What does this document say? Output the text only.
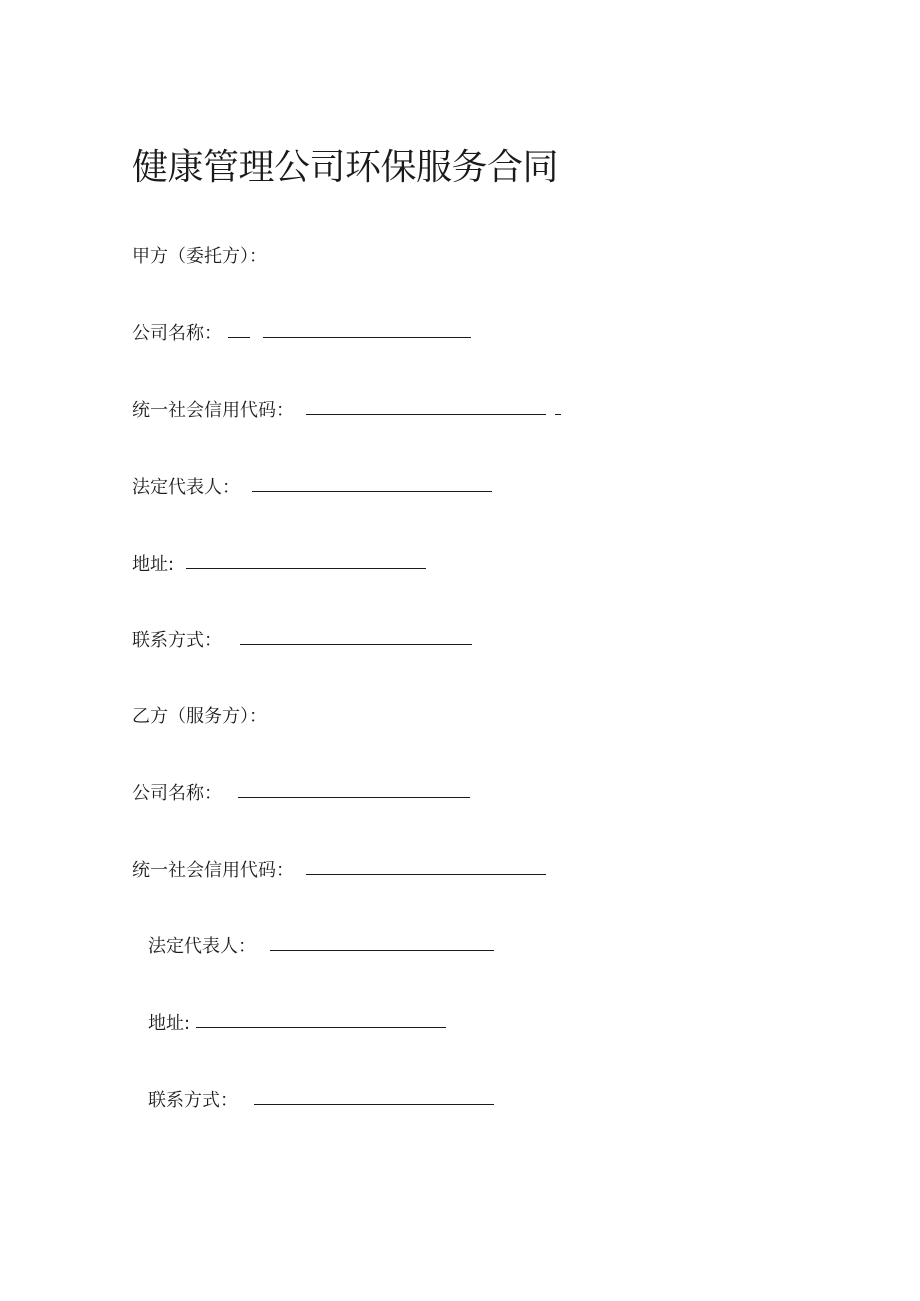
健康管理公司环保服务合同
甲方（委托方）：
公司名称：
统一社会信用代码：
法定代表人：
地址:
联系方式：
乙方（服务方）：
公司名称：
统一社会信用代码：
法定代表人：
地址:
联系方式：
